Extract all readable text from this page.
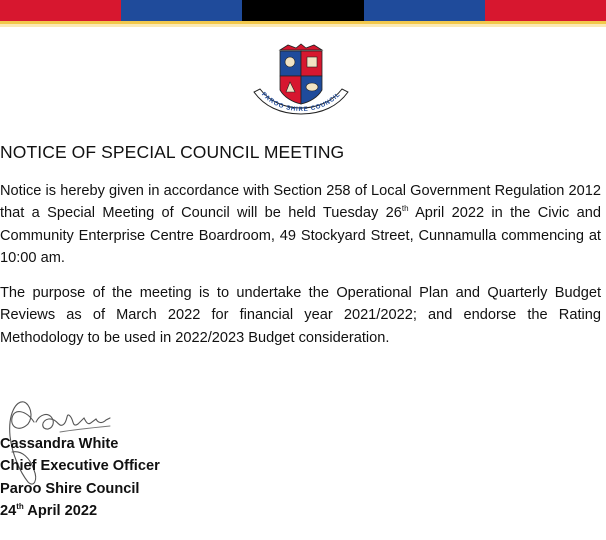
PAROO SHIRE COUNCIL
NOTICE OF SPECIAL COUNCIL MEETING

Notice is hereby given in accordance with Section 258 of Local Government Regulation 2012 that a Special Meeting of Council will be held Tuesday 26th April 2022 in the Civic and Community Enterprise Centre Boardroom, 49 Stockyard Street, Cunnamulla commencing at 10:00 am.

The purpose of the meeting is to undertake the Operational Plan and Quarterly Budget Reviews as of March 2022 for financial year 2021/2022; and endorse the Rating Methodology to be used in 2022/2023 Budget consideration.

Cassandra White
Chief Executive Officer
Paroo Shire Council
24th April 2022
